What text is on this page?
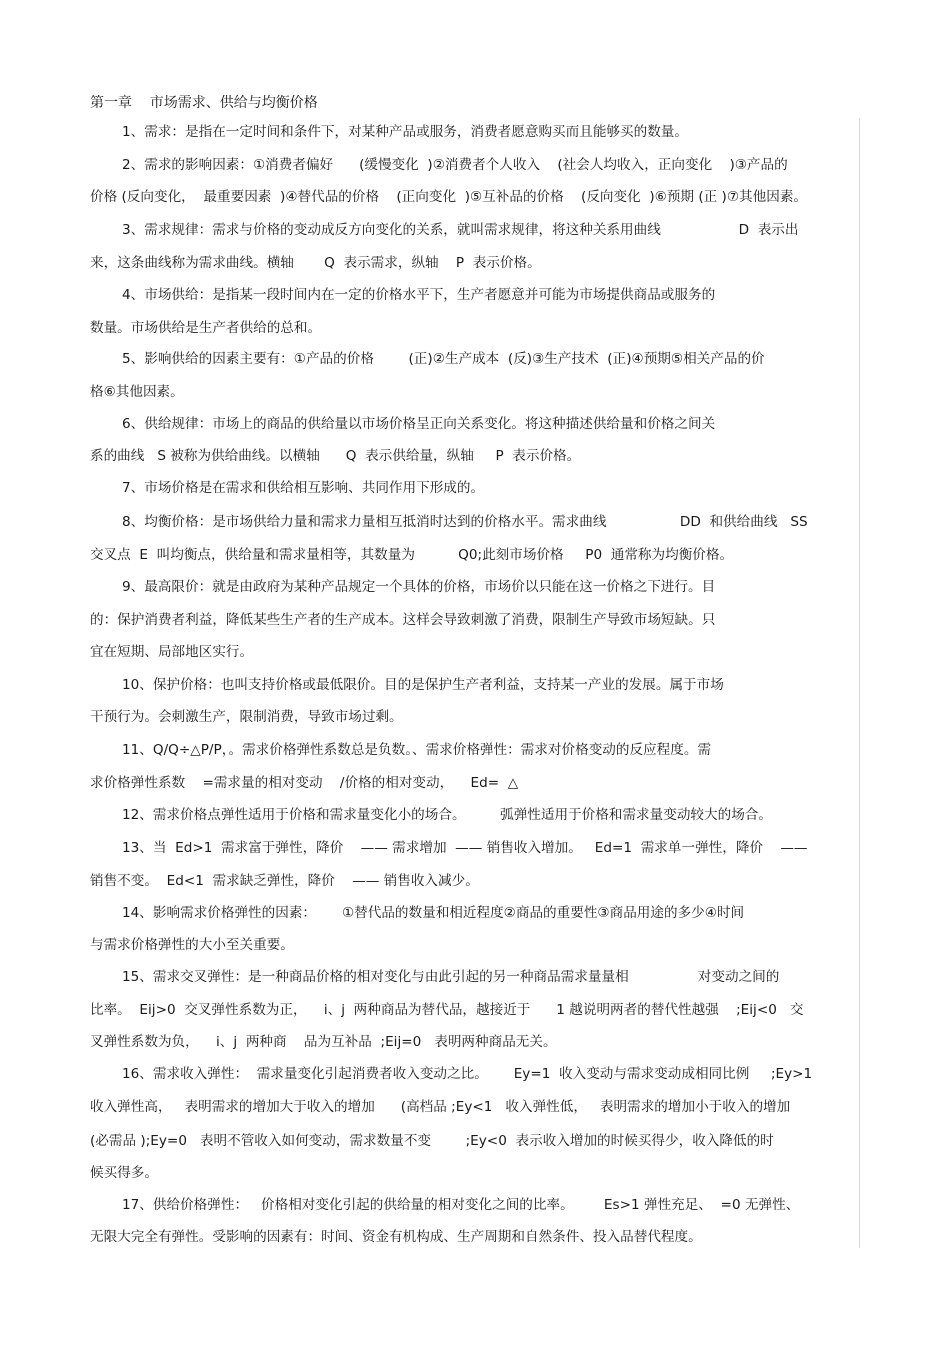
第一章    市场需求、供给与均衡价格
1、需求：是指在一定时间和条件下，对某种产品或服务，消费者愿意购买而且能够买的数量。
2、需求的影响因素：①消费者偏好      (缓慢变化  )②消费者个人收入    (社会人均收入，正向变化    )③产品的
价格 (反向变化，  最重要因素  )④替代品的价格    (正向变化  )⑤互补品的价格    (反向变化  )⑥预期 (正 )⑦其他因素。
3、需求规律：需求与价格的变动成反方向变化的关系，就叫需求规律，将这种关系用曲线                  D  表示出
来，这条曲线称为需求曲线。横轴       Q  表示需求，纵轴    P  表示价格。
4、市场供给：是指某一段时间内在一定的价格水平下，生产者愿意并可能为市场提供商品或服务的
数量。市场供给是生产者供给的总和。
5、影响供给的因素主要有：①产品的价格        (正)②生产成本  (反)③生产技术  (正)④预期⑤相关产品的价
格⑥其他因素。
6、供给规律：市场上的商品的供给量以市场价格呈正向关系变化。将这种描述供给量和价格之间关
系的曲线   S 被称为供给曲线。以横轴      Q  表示供给量，纵轴     P  表示价格。
7、市场价格是在需求和供给相互影响、共同作用下形成的。
8、均衡价格：是市场供给力量和需求力量相互抵消时达到的价格水平。需求曲线                 DD  和供给曲线   SS
交叉点  E  叫均衡点，供给量和需求量相等，其数量为          Q0;此刻市场价格     P0  通常称为均衡价格。
9、最高限价：就是由政府为某种产品规定一个具体的价格，市场价以只能在这一价格之下进行。目
的：保护消费者利益，降低某些生产者的生产成本。这样会导致刺激了消费，限制生产导致市场短缺。只
宜在短期、局部地区实行。
10、保护价格：也叫支持价格或最低限价。目的是保护生产者利益，支持某一产业的发展。属于市场
干预行为。会刺激生产，限制消费，导致市场过剩。
11、Q/Q÷△P/P，。需求价格弹性系数总是负数。、需求价格弹性：需求对价格变动的反应程度。需
求价格弹性系数    =需求量的相对变动    /价格的相对变动，    Ed=  △
12、需求价格点弹性适用于价格和需求量变化小的场合。        弧弹性适用于价格和需求量变动较大的场合。
13、当  Ed>1  需求富于弹性，降价    —— 需求增加  —— 销售收入增加。   Ed=1  需求单一弹性，降价    ——
销售不变。  Ed<1  需求缺乏弹性，降价    —— 销售收入减少。
14、影响需求价格弹性的因素：      ①替代品的数量和相近程度②商品的重要性③商品用途的多少④时间
与需求价格弹性的大小至关重要。
15、需求交叉弹性：是一种商品价格的相对变化与由此引起的另一种商品需求量量相                对变动之间的
比率。  Eij>0  交叉弹性系数为正，    i、j  两种商品为替代品，越接近于      1 越说明两者的替代性越强    ;Eij<0   交
叉弹性系数为负，    i、j  两种商    品为互补品  ;Eij=0   表明两种商品无关。
16、需求收入弹性：  需求量变化引起消费者收入变动之比。      Ey=1  收入变动与需求变动成相同比例     ;Ey>1
收入弹性高，   表明需求的增加大于收入的增加      (高档品 ;Ey<1   收入弹性低，   表明需求的增加小于收入的增加
(必需品 );Ey=0   表明不管收入如何变动，需求数量不变        ;Ey<0  表示收入增加的时候买得少，收入降低的时
候买得多。
17、供给价格弹性：   价格相对变化引起的供给量的相对变化之间的比率。       Es>1 弹性充足、  =0 无弹性、
无限大完全有弹性。受影响的因素有：时间、资金有机构成、生产周期和自然条件、投入品替代程度。
